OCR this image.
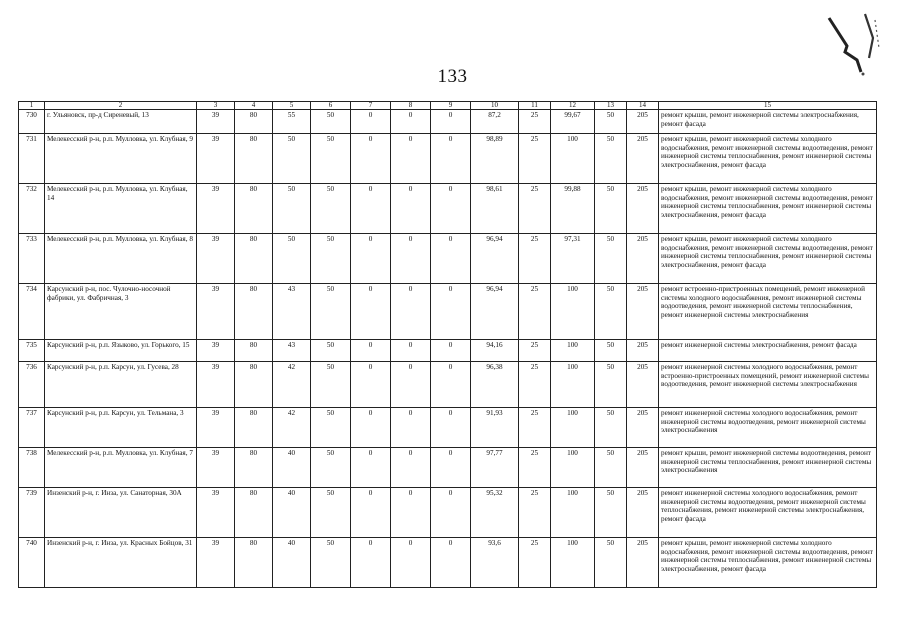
133
1	2	3	4	5	6	7	8	9	10	11	12	13	14	15
730	г. Ульяновск, пр-д Сиреневый, 13	39	80	55	50	0	0	0	87,2	25	99,67	50	205	ремонт крыши, ремонт инженерной системы электроснабжения, ремонт фасада
731	Мелекесский р-н, р.п. Мулловка, ул. Клубная, 9	39	80	50	50	0	0	0	98,89	25	100	50	205	ремонт крыши, ремонт инженерной системы холодного водоснабжения, ремонт инженерной системы водоотведения, ремонт инженерной системы теплоснабжения, ремонт инженерной системы электроснабжения, ремонт фасада
732	Мелекесский р-н, р.п. Мулловка, ул. Клубная, 14	39	80	50	50	0	0	0	98,61	25	99,88	50	205	ремонт крыши, ремонт инженерной системы холодного водоснабжения, ремонт инженерной системы водоотведения, ремонт инженерной системы теплоснабжения, ремонт инженерной системы электроснабжения, ремонт фасада
733	Мелекесский р-н, р.п. Мулловка, ул. Клубная, 8	39	80	50	50	0	0	0	96,94	25	97,31	50	205	ремонт крыши, ремонт инженерной системы холодного водоснабжения, ремонт инженерной системы водоотведения, ремонт инженерной системы теплоснабжения, ремонт инженерной системы электроснабжения, ремонт фасада
734	Карсунский р-н, пос. Чулочно-носочной фабрики, ул. Фабричная, 3	39	80	43	50	0	0	0	96,94	25	100	50	205	ремонт встроенно-пристроенных помещений, ремонт инженерной системы холодного водоснабжения, ремонт инженерной системы водоотведения, ремонт инженерной системы теплоснабжения, ремонт инженерной системы электроснабжения
735	Карсунский р-н, р.п. Языково, ул. Горького, 15	39	80	43	50	0	0	0	94,16	25	100	50	205	ремонт инженерной системы электроснабжения, ремонт фасада
736	Карсунский р-н, р.п. Карсун, ул. Гусева, 28	39	80	42	50	0	0	0	96,38	25	100	50	205	ремонт инженерной системы холодного водоснабжения, ремонт встроенно-пристроенных помещений, ремонт инженерной системы водоотведения, ремонт инженерной системы электроснабжения
737	Карсунский р-н, р.п. Карсун, ул. Тельмана, 3	39	80	42	50	0	0	0	91,93	25	100	50	205	ремонт инженерной системы холодного водоснабжения, ремонт инженерной системы водоотведения, ремонт инженерной системы электроснабжения
738	Мелекесский р-н, р.п. Мулловка, ул. Клубная, 7	39	80	40	50	0	0	0	97,77	25	100	50	205	ремонт крыши, ремонт инженерной системы водоотведения, ремонт инженерной системы теплоснабжения, ремонт инженерной системы электроснабжения
739	Инзенский р-н, г. Инза, ул. Санаторная, 30А	39	80	40	50	0	0	0	95,32	25	100	50	205	ремонт инженерной системы холодного водоснабжения, ремонт инженерной системы водоотведения, ремонт инженерной системы теплоснабжения, ремонт инженерной системы электроснабжения, ремонт фасада
740	Инзенский р-н, г. Инза, ул. Красных Бойцов, 31	39	80	40	50	0	0	0	93,6	25	100	50	205	ремонт крыши, ремонт инженерной системы холодного водоснабжения, ремонт инженерной системы водоотведения, ремонт инженерной системы теплоснабжения, ремонт инженерной системы электроснабжения, ремонт фасада
